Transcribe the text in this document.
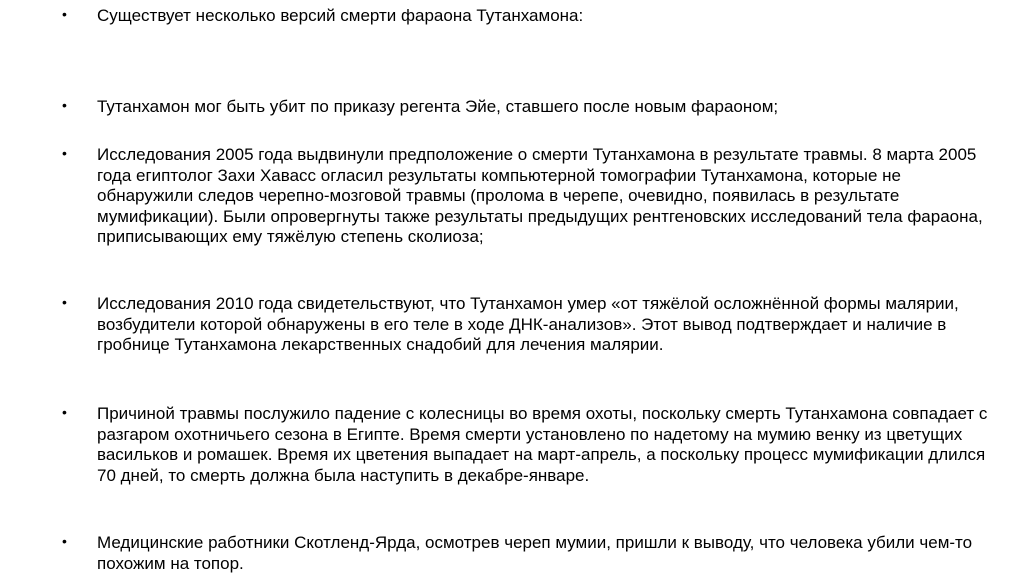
• Существует несколько версий смерти фараона Тутанхамона:

• Тутанхамон мог быть убит по приказу регента Эйе, ставшего после новым фараоном;

• Исследования 2005 года выдвинули предположение о смерти Тутанхамона в результате травмы. 8 марта 2005 года египтолог Захи Хавасс огласил результаты компьютерной томографии Тутанхамона, которые не обнаружили следов черепно-мозговой травмы (пролома в черепе, очевидно, появилась в результате мумификации). Были опровергнуты также результаты предыдущих рентгеновских исследований тела фараона, приписывающих ему тяжёлую степень сколиоза;

• Исследования 2010 года свидетельствуют, что Тутанхамон умер «от тяжёлой осложнённой формы малярии, возбудители которой обнаружены в его теле в ходе ДНК-анализов». Этот вывод подтверждает и наличие в гробнице Тутанхамона лекарственных снадобий для лечения малярии.

• Причиной травмы послужило падение с колесницы во время охоты, поскольку смерть Тутанхамона совпадает с разгаром охотничьего сезона в Египте. Время смерти установлено по надетому на мумию венку из цветущих васильков и ромашек. Время их цветения выпадает на март-апрель, а поскольку процесс мумификации длился 70 дней, то смерть должна была наступить в декабре-январе.

• Медицинские работники Скотленд-Ярда, осмотрев череп мумии, пришли к выводу, что человека убили чем-то похожим на топор.
